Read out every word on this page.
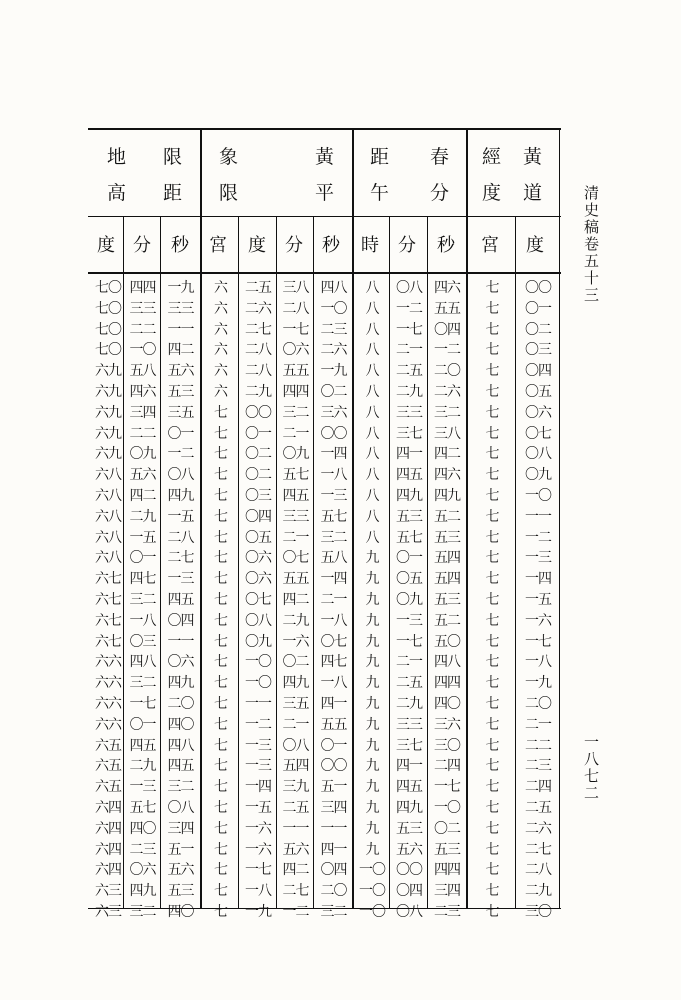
地 限
高 距
象	黃
限	平
距 春
午 分
經 黃
度 道
度 分 秒 宮 度 分 秒 時 分 秒 宮 度
七〇 四四 一九	六	二五 三八 四八	八	〇八 四六	七	〇〇
七〇 三三 三三	六	二六 二八 一〇	八	一二 五五	七	〇一
七〇 二二 一一	六	二七 一七 二三	八	一七 〇四	七	〇二
七〇 一〇 四二	六	二八 〇六 二六	八	二一 一二	七	〇三
六九 五八 五六	六	二八 五五 一九	八	二五 二〇	七	〇四
六九 四六 五三	六	二九 四四 〇二	八	二九 二六	七	〇五
六九 三四 三五	七	〇〇 三二 三六	八	三三 三二	七	〇六
六九 二二 〇一	七	〇一 二一 〇〇	八	三七 三八	七	〇七
六九 〇九 一二	七	〇二 〇九 一四	八	四一 四二	七	〇八
六八 五六 〇八	七	〇二 五七 一八	八	四五 四六	七	〇九
六八 四二 四九	七	〇三 四五 一三	八	四九 四九	七	一〇
六八 二九 一五	七	〇四 三三 五七	八	五三 五二	七	一一
六八 一五 二八	七	〇五 二一 三二	八	五七 五三	七	一二
六八 〇一 二七	七	〇六 〇七 五八	九	〇一 五四	七	一三
六七 四七 一三	七	〇六 五五 一四	九	〇五 五四	七	一四
六七 三二 四五	七	〇七 四二 二一	九	〇九 五三	七	一五
六七 一八 〇四	七	〇八 二九 一八	九	一三 五二	七	一六
六七 〇三 一一	七	〇九 一六 〇七	九	一七 五〇	七	一七
六六 四八 〇六	七	一〇 〇二 四七	九	二一 四八	七	一八
六六 三二 四九	七	一〇 四九 一八	九	二五 四四	七	一九
六六 一七 二〇	七	一一 三五 四一	九	二九 四〇	七	二〇
六六 〇一 四〇	七	一二 二一 五五	九	三三 三六	七	二一
六五 四五 四八	七	一三 〇八 〇一	九	三七 三〇	七	二二
六五 二九 四五	七	一三 五四 〇〇	九	四一 二四	七	二三
六五 一三 三二	七	一四 三九 五一	九	四五 一七	七	二四
六四 五七 〇八	七	一五 二五 三四	九	四九 一〇	七	二五
六四 四〇 三四	七	一六 一一 一一	九	五三 〇二	七	二六
六四 二三 五一	七	一六 五六 四一	九	五六 五三	七	二七
六四 〇六 五六	七	一七 四二 〇四 一〇 〇〇 四四	七	二八
六三 四九 五三	七	一八 二七 二〇 一〇 〇四 三四	七	二九
六三 三二 四〇	七	一九 一二 三二 一〇 〇八 二三	七	三〇
清史稿卷五十三
一八七二
